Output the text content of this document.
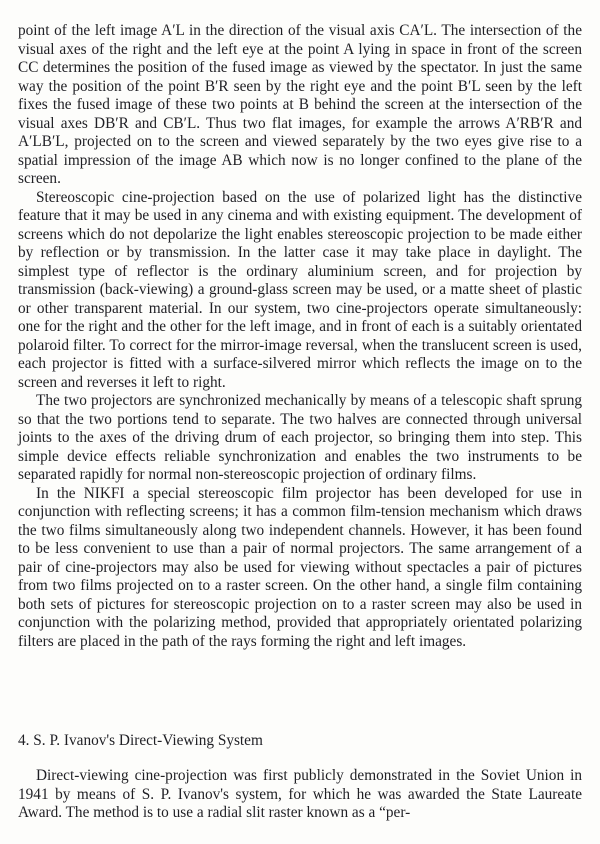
point of the left image A′L in the direction of the visual axis CA′L. The intersection of the visual axes of the right and the left eye at the point A lying in space in front of the screen CC determines the position of the fused image as viewed by the spectator. In just the same way the position of the point B′R seen by the right eye and the point B′L seen by the left fixes the fused image of these two points at B behind the screen at the intersection of the visual axes DB′R and CB′L. Thus two flat images, for example the arrows A′RB′R and A′LB′L, projected on to the screen and viewed separately by the two eyes give rise to a spatial impression of the image AB which now is no longer confined to the plane of the screen.

Stereoscopic cine-projection based on the use of polarized light has the distinctive feature that it may be used in any cinema and with existing equipment. The development of screens which do not depolarize the light enables stereoscopic projection to be made either by reflection or by transmission. In the latter case it may take place in daylight. The simplest type of reflector is the ordinary aluminium screen, and for projection by transmission (back-viewing) a ground-glass screen may be used, or a matte sheet of plastic or other transparent material. In our system, two cine-projectors operate simultaneously: one for the right and the other for the left image, and in front of each is a suitably orientated polaroid filter. To correct for the mirror-image reversal, when the translucent screen is used, each projector is fitted with a surface-silvered mirror which reflects the image on to the screen and reverses it left to right.

The two projectors are synchronized mechanically by means of a telescopic shaft sprung so that the two portions tend to separate. The two halves are connected through universal joints to the axes of the driving drum of each projector, so bringing them into step. This simple device effects reliable synchronization and enables the two instruments to be separated rapidly for normal non-stereoscopic projection of ordinary films.

In the NIKFI a special stereoscopic film projector has been developed for use in conjunction with reflecting screens; it has a common film-tension mechanism which draws the two films simultaneously along two independent channels. However, it has been found to be less convenient to use than a pair of normal projectors. The same arrangement of a pair of cine-projectors may also be used for viewing without spectacles a pair of pictures from two films projected on to a raster screen. On the other hand, a single film containing both sets of pictures for stereoscopic projection on to a raster screen may also be used in conjunction with the polarizing method, provided that appropriately orientated polarizing filters are placed in the path of the rays forming the right and left images.

4. S. P. Ivanov's Direct-Viewing System

Direct-viewing cine-projection was first publicly demonstrated in the Soviet Union in 1941 by means of S. P. Ivanov's system, for which he was awarded the State Laureate Award. The method is to use a radial slit raster known as a “per-
